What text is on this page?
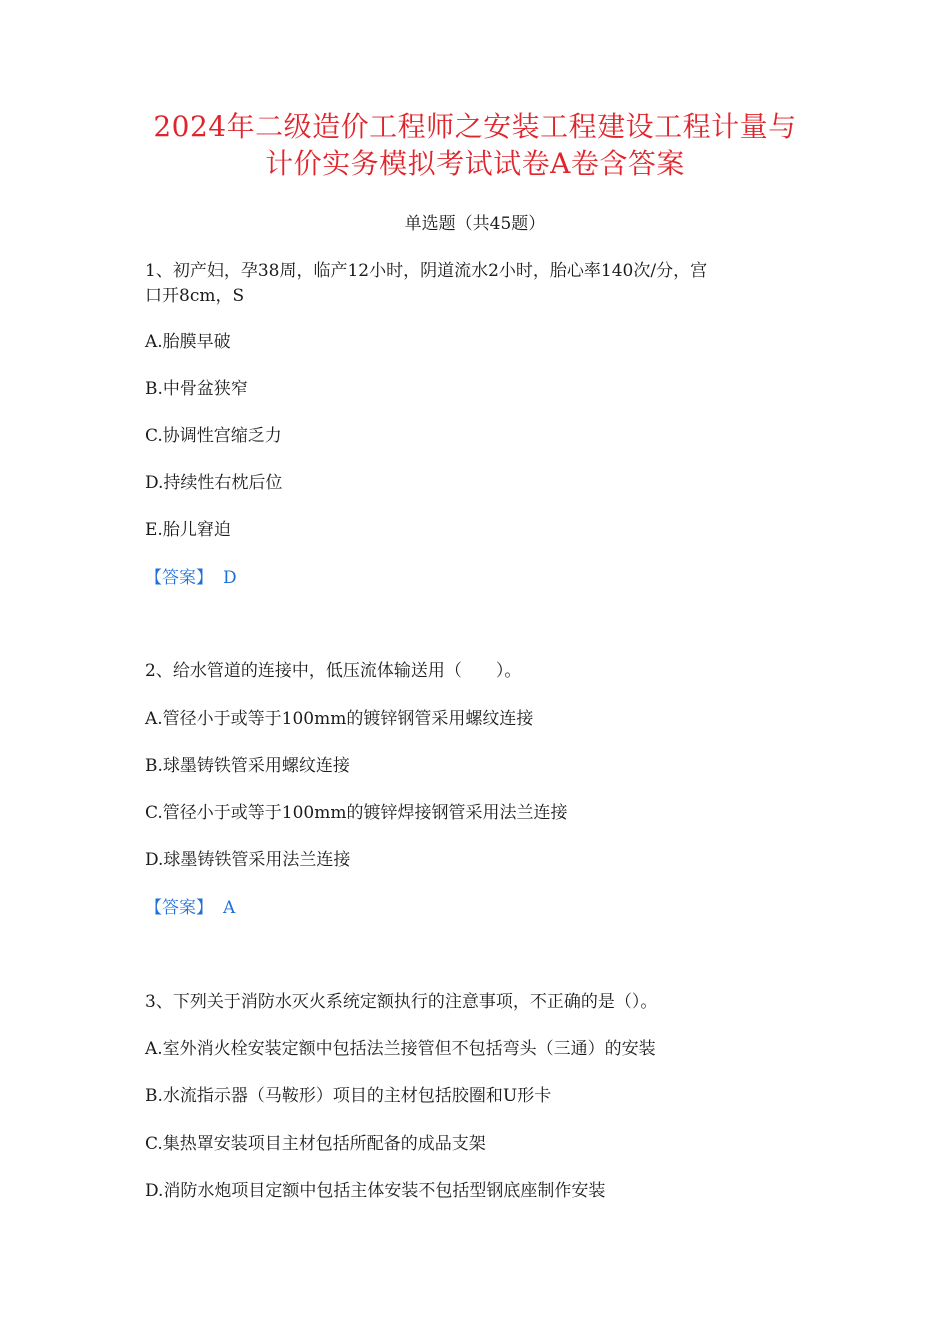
2024年二级造价工程师之安装工程建设工程计量与
计价实务模拟考试试卷A卷含答案
单选题（共45题）
1、初产妇，孕38周，临产12小时，阴道流水2小时，胎心率140次/分，宫
口开8cm，S
A.胎膜早破
B.中骨盆狭窄
C.协调性宫缩乏力
D.持续性右枕后位
E.胎儿窘迫
【答案】 D
2、给水管道的连接中，低压流体输送用（　　）。
A.管径小于或等于100mm的镀锌钢管采用螺纹连接
B.球墨铸铁管采用螺纹连接
C.管径小于或等于100mm的镀锌焊接钢管采用法兰连接
D.球墨铸铁管采用法兰连接
【答案】 A
3、下列关于消防水灭火系统定额执行的注意事项，不正确的是（）。
A.室外消火栓安装定额中包括法兰接管但不包括弯头（三通）的安装
B.水流指示器（马鞍形）项目的主材包括胶圈和U形卡
C.集热罩安装项目主材包括所配备的成品支架
D.消防水炮项目定额中包括主体安装不包括型钢底座制作安装
